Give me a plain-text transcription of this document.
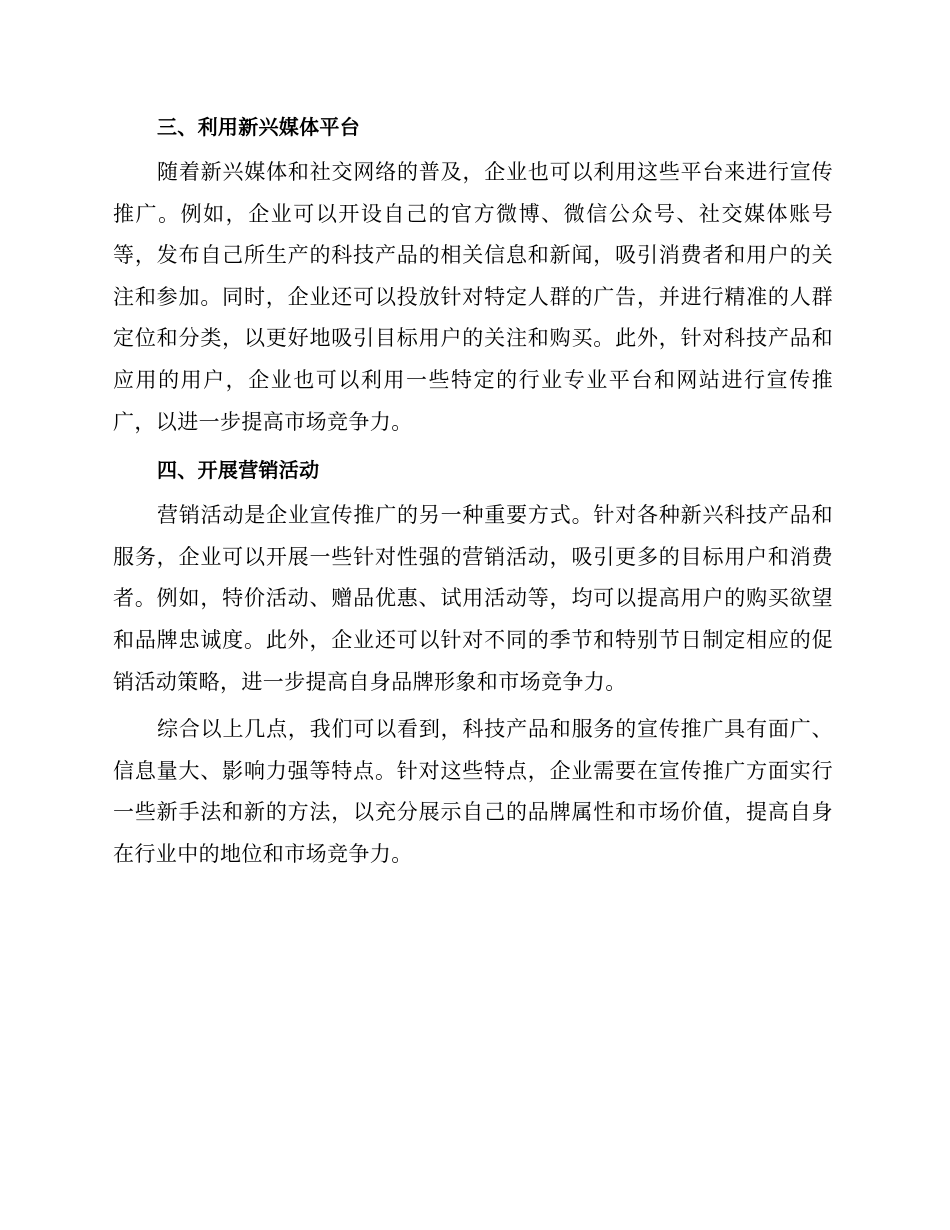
三、利用新兴媒体平台

随着新兴媒体和社交网络的普及，企业也可以利用这些平台来进行宣传推广。例如，企业可以开设自己的官方微博、微信公众号、社交媒体账号等，发布自己所生产的科技产品的相关信息和新闻，吸引消费者和用户的关注和参加。同时，企业还可以投放针对特定人群的广告，并进行精准的人群定位和分类，以更好地吸引目标用户的关注和购买。此外，针对科技产品和应用的用户，企业也可以利用一些特定的行业专业平台和网站进行宣传推广，以进一步提高市场竞争力。

四、开展营销活动

营销活动是企业宣传推广的另一种重要方式。针对各种新兴科技产品和服务，企业可以开展一些针对性强的营销活动，吸引更多的目标用户和消费者。例如，特价活动、赠品优惠、试用活动等，均可以提高用户的购买欲望和品牌忠诚度。此外，企业还可以针对不同的季节和特别节日制定相应的促销活动策略，进一步提高自身品牌形象和市场竞争力。

综合以上几点，我们可以看到，科技产品和服务的宣传推广具有面广、信息量大、影响力强等特点。针对这些特点，企业需要在宣传推广方面实行一些新手法和新的方法，以充分展示自己的品牌属性和市场价值，提高自身在行业中的地位和市场竞争力。
